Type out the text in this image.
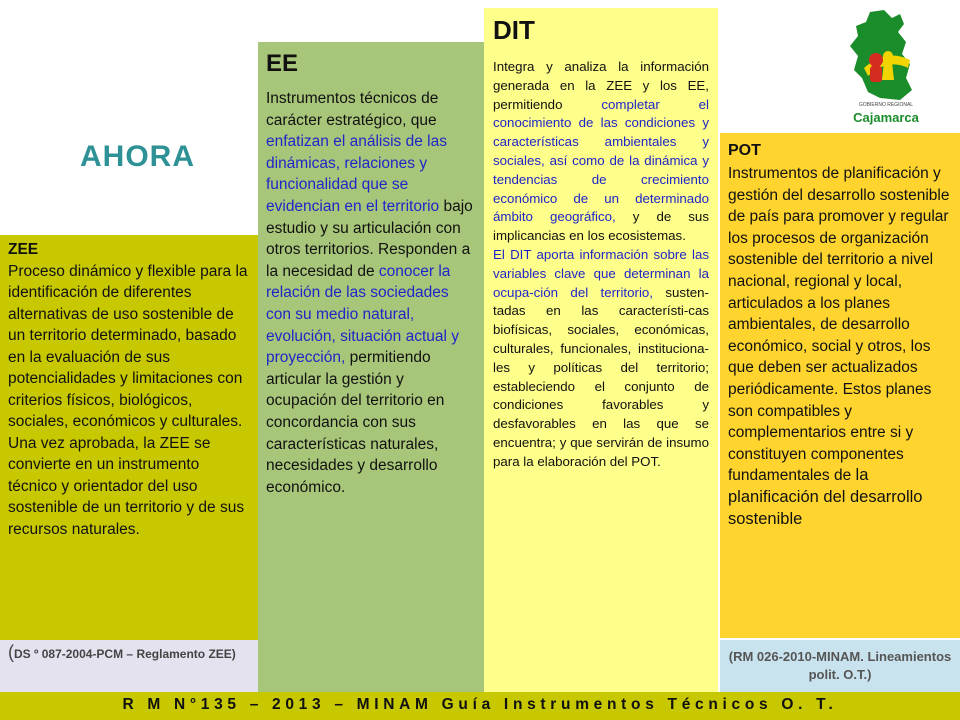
AHORA

ZEE

Proceso dinámico y flexible para la identificación de diferentes alternativas de uso sostenible de un territorio determinado, basado en la evaluación de sus potencialidades y limitaciones con criterios físicos, biológicos, sociales, económicos y culturales. Una vez aprobada, la ZEE se convierte en un instrumento técnico y orientador del uso sostenible de un territorio y de sus recursos naturales.

(DS º 087-2004-PCM – Reglamento ZEE)
EE

Instrumentos técnicos de carácter estratégico, que enfatizan el análisis de las dinámicas, relaciones y funcionalidad que se evidencian en el territorio bajo estudio y su articulación con otros territorios. Responden a la necesidad de conocer la relación de las sociedades con su medio natural, evolución, situación actual y proyección, permitiendo articular la gestión y ocupación del territorio en concordancia con sus características naturales, necesidades y desarrollo económico.

DIT

Integra y analiza la información generada en la ZEE y los EE, permitiendo	completar el conocimiento de las condiciones y características ambientales y sociales, así como de la dinámica y tendencias de crecimiento económico de un determinado ámbito geográfico, y de sus implicancias en los ecosistemas.

El DIT aporta información sobre las variables clave que determinan la ocupa-ción del territorio, susten-tadas en las característi-cas biofísicas, sociales, económicas, culturales, funcionales, instituciona-les y políticas del territorio; estableciendo el conjunto de condiciones favorables y desfavorables en las que se encuentra; y que servirán de insumo para la elaboración del POT.

POT

Instrumentos de planificación y gestión del desarrollo sostenible de país para promover y regular los procesos de organización sostenible del territorio a nivel nacional, regional y local, articulados a los planes ambientales, de desarrollo económico, social y otros, los que deben ser actualizados periódicamente. Estos planes son compatibles y complementarios entre si y constituyen componentes fundamentales de la planificación del desarrollo sostenible

(RM 026-2010-MINAM. Lineamientos polit. O.T.)
GOBIERNO REGIONAL
Cajamarca
R M N°135 – 2013 – MINAM Guía Instrumentos Técnicos O. T.
